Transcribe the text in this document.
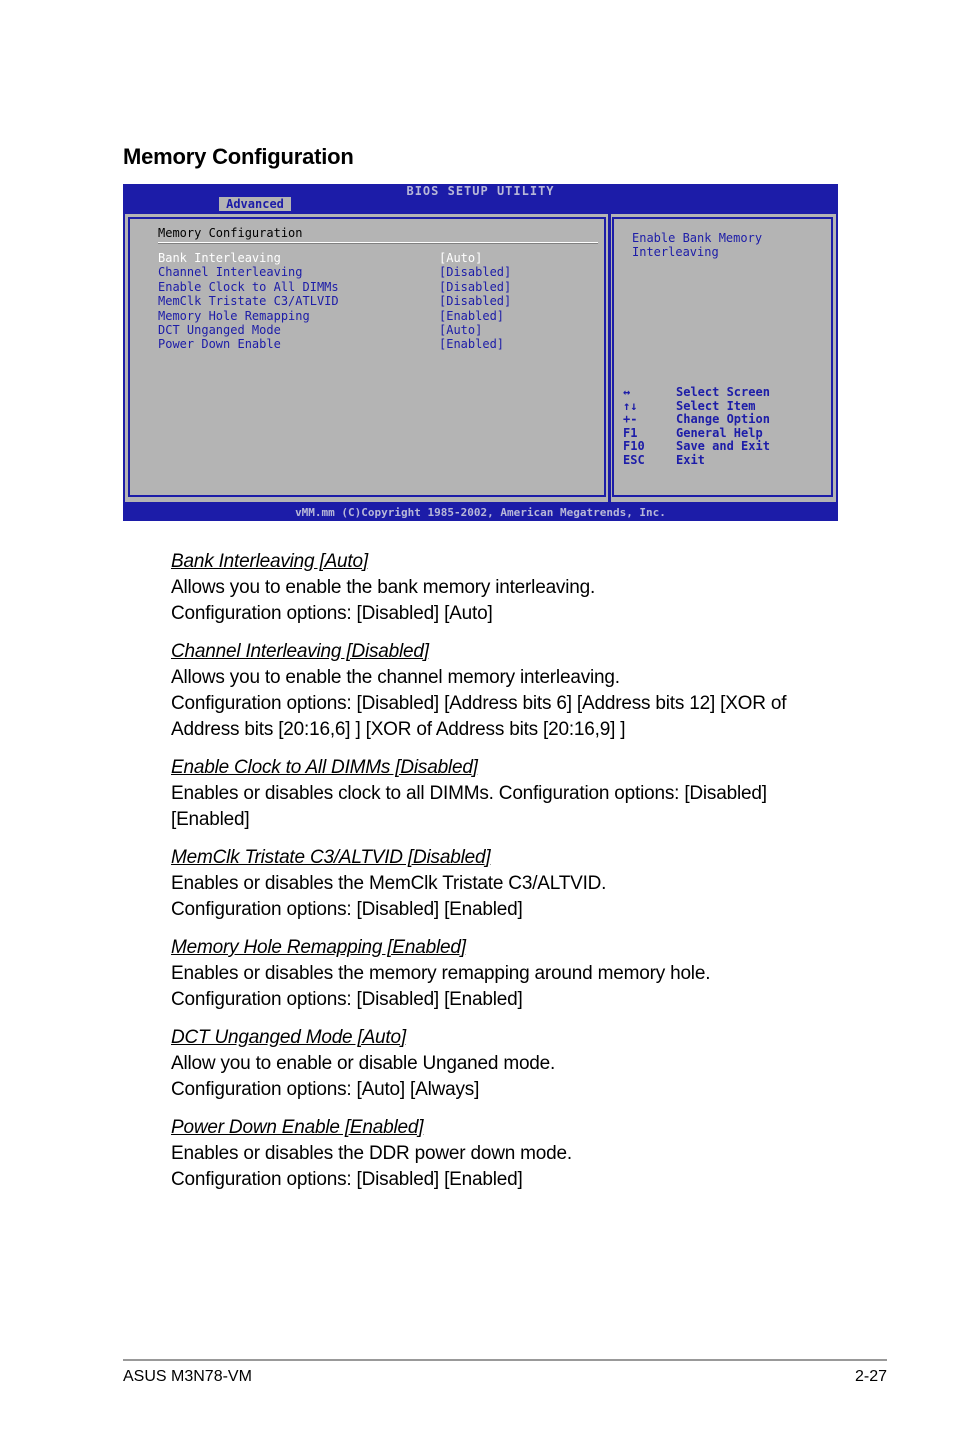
Memory Configuration
BIOS SETUP UTILITY
Advanced
Memory Configuration
Bank Interleaving	[Auto]
Channel Interleaving	[Disabled]
Enable Clock to All DIMMs	[Disabled]
MemClk Tristate C3/ATLVID	[Disabled]
Memory Hole Remapping	[Enabled]
DCT Unganged Mode	[Auto]
Power Down Enable	[Enabled]
Enable Bank Memory
Interleaving
↔	Select Screen
↑↓	Select Item
+-	Change Option
F1	General Help
F10	Save and Exit
ESC	Exit
vMM.mm (C)Copyright 1985-2002, American Megatrends, Inc.
Bank Interleaving [Auto]
Allows you to enable the bank memory interleaving.
Configuration options: [Disabled] [Auto]
Channel Interleaving [Disabled]
Allows you to enable the channel memory interleaving.
Configuration options: [Disabled] [Address bits 6] [Address bits 12] [XOR of Address bits [20:16,6] ] [XOR of Address bits [20:16,9] ]
Enable Clock to All DIMMs [Disabled]
Enables or disables clock to all DIMMs. Configuration options: [Disabled] [Enabled]
MemClk Tristate C3/ALTVID [Disabled]
Enables or disables the MemClk Tristate C3/ALTVID.
Configuration options: [Disabled] [Enabled]
Memory Hole Remapping [Enabled]
Enables or disables the memory remapping around memory hole.
Configuration options: [Disabled] [Enabled]
DCT Unganged Mode [Auto]
Allow you to enable or disable Unganed mode.
Configuration options: [Auto] [Always]
Power Down Enable [Enabled]
Enables or disables the DDR power down mode.
Configuration options: [Disabled] [Enabled]
ASUS M3N78-VM	2-27
